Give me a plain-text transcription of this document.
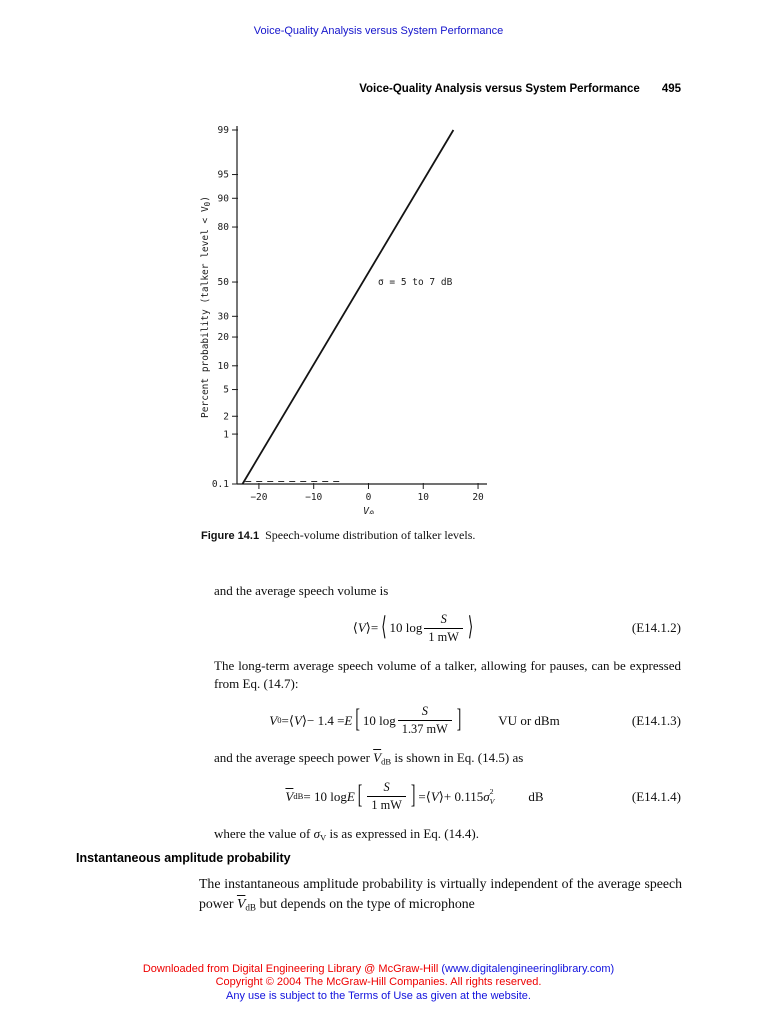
Voice-Quality Analysis versus System Performance
Voice-Quality Analysis versus System Performance 495
99
95
90
80
50
30
20
10
5
2
1
0.1
−20	−10	0	10	20
σ = 5 to 7 dB
Percent probability (talker level < $V_0$)
$V_0$
Figure 14.1 Speech-volume distribution of talker levels.

and the average speech volume is

⟨ V ⟩ = ⟨ 10 $\log \frac{S}{1 mW}$ ⟩	(E14.1.2)

The long-term average speech volume of a talker, allowing for pauses, can be expressed from Eq. (14.7):

V 0 = ⟨ V ⟩ − 1.4 = E [ 10 $\log \frac{S}{1.37 mW}$ ]	VU or dBm	(E14.1.3)

and the average speech power $\overline{V}dB$ is shown in Eq. (14.5) as

$\overline{V}$ dB = 10 log E [ $\frac{S}{1 mW}$ ] = ⟨ V ⟩ + 0.115 σ 2
V	dB	(E14.1.4)

where the value of σV is as expressed in Eq. (14.4).

Instantaneous amplitude probability

The instantaneous amplitude probability is virtually independent of the average speech power $\overline{V}dB$ but depends on the type of microphone

Downloaded from Digital Engineering Library @ McGraw-Hill (www.digitalengineeringlibrary.com)
Copyright © 2004 The McGraw-Hill Companies. All rights reserved.
Any use is subject to the Terms of Use as given at the website.
